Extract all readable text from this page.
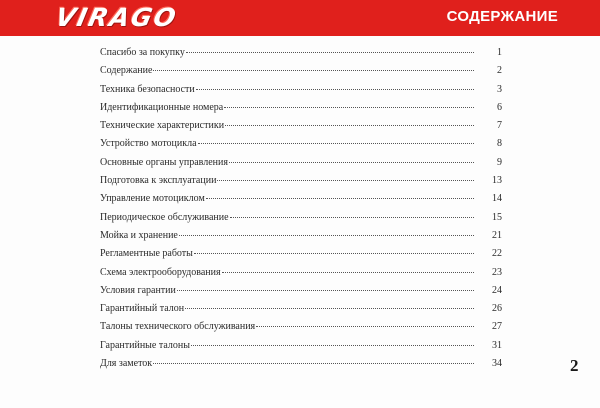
VIRAGO	СОДЕРЖАНИЕ
Спасибо за покупку	1
Содержание	2
Техника безопасности	3
Идентификационные номера	6
Технические характеристики	7
Устройство мотоцикла	8
Основные органы управления	9
Подготовка к эксплуатации	13
Управление мотоциклом	14
Периодическое обслуживание	15
Мойка и хранение	21
Регламентные работы	22
Схема электрооборудования	23
Условия гарантии	24
Гарантийный талон	26
Талоны технического обслуживания	27
Гарантийные талоны	31
Для заметок	34	2
